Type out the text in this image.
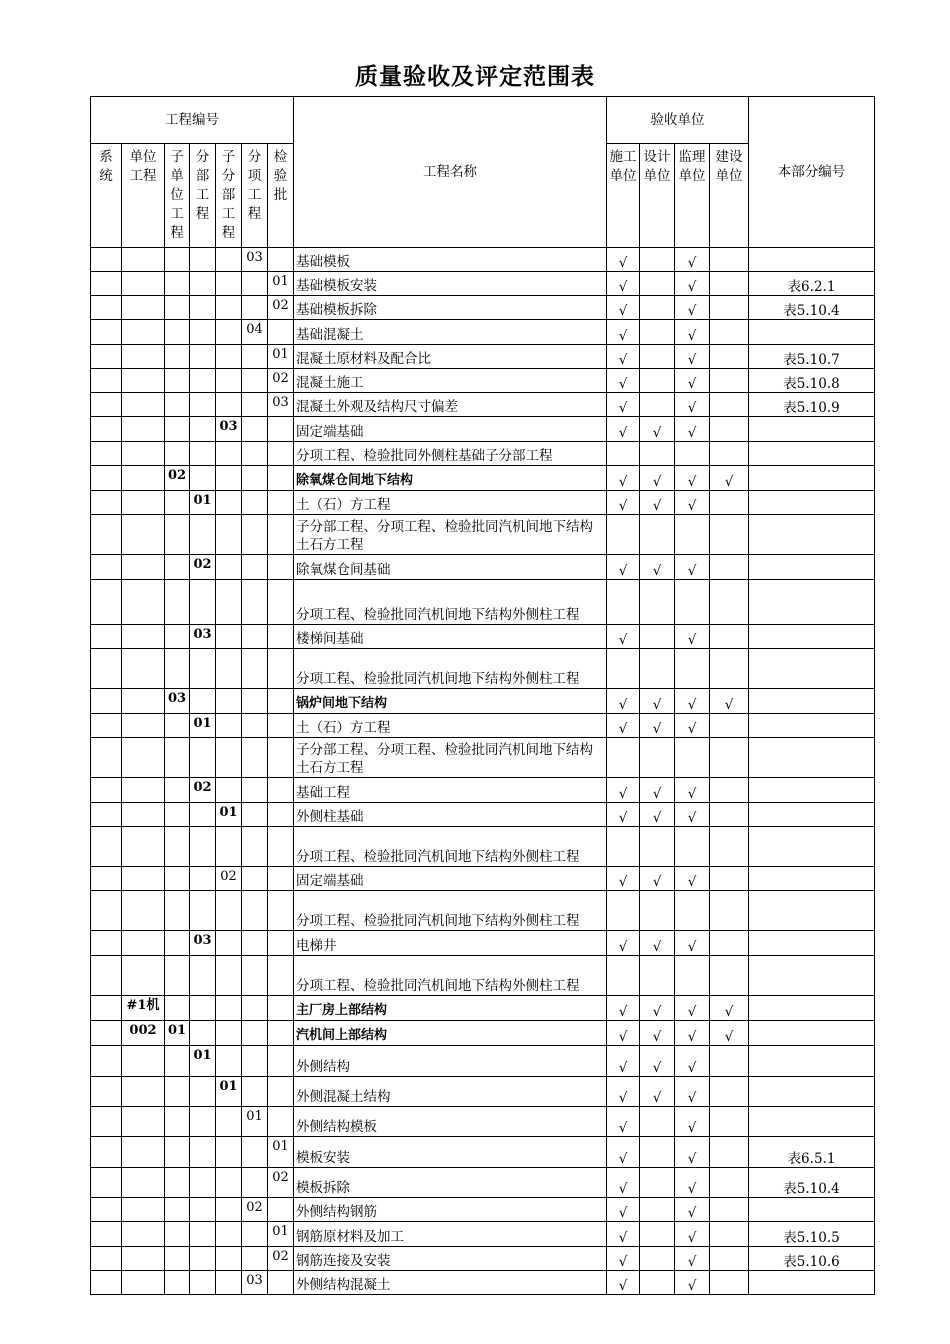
质量验收及评定范围表
工程编号							工程名称	验收单位				本部分编号
系统	单位工程	子单位工程	分部工程	子分部工程	分项工程	检验批		施工单位	设计单位	监理单位	建设单位	
					03		基础模板	√		√		
						01	基础模板安装	√		√		表6.2.1
						02	基础模板拆除	√		√		表5.10.4
					04		基础混凝土	√		√		
						01	混凝土原材料及配合比	√		√		表5.10.7
						02	混凝土施工	√		√		表5.10.8
						03	混凝土外观及结构尺寸偏差	√		√		表5.10.9
				03			固定端基础	√	√	√		
							分项工程、检验批同外侧柱基础子分部工程					
		02					除氧煤仓间地下结构	√	√	√	√	
			01				土（石）方工程	√	√	√		
							子分部工程、分项工程、检验批同汽机间地下结构土石方工程					
			02				除氧煤仓间基础	√	√	√		
							分项工程、检验批同汽机间地下结构外侧柱工程					
			03				楼梯间基础	√		√		
							分项工程、检验批同汽机间地下结构外侧柱工程					
		03					锅炉间地下结构	√	√	√	√	
			01				土（石）方工程	√	√	√		
							子分部工程、分项工程、检验批同汽机间地下结构土石方工程					
			02				基础工程	√	√	√		
				01			外侧柱基础	√	√	√		
							分项工程、检验批同汽机间地下结构外侧柱工程					
				02			固定端基础	√	√	√		
							分项工程、检验批同汽机间地下结构外侧柱工程					
			03				电梯井	√	√	√		
							分项工程、检验批同汽机间地下结构外侧柱工程					

	#1机						主厂房上部结构	√	√	√	√	

	002	01					汽机间上部结构	√	√	√	√	
			01				外侧结构	√	√	√		
				01			外侧混凝土结构	√	√	√		
					01		外侧结构模板	√		√		
						01	模板安装	√		√		表6.5.1
						02	模板拆除	√		√		表5.10.4
					02		外侧结构钢筋	√		√		
						01	钢筋原材料及加工	√		√		表5.10.5
						02	钢筋连接及安装	√		√		表5.10.6
					03		外侧结构混凝土	√		√		
